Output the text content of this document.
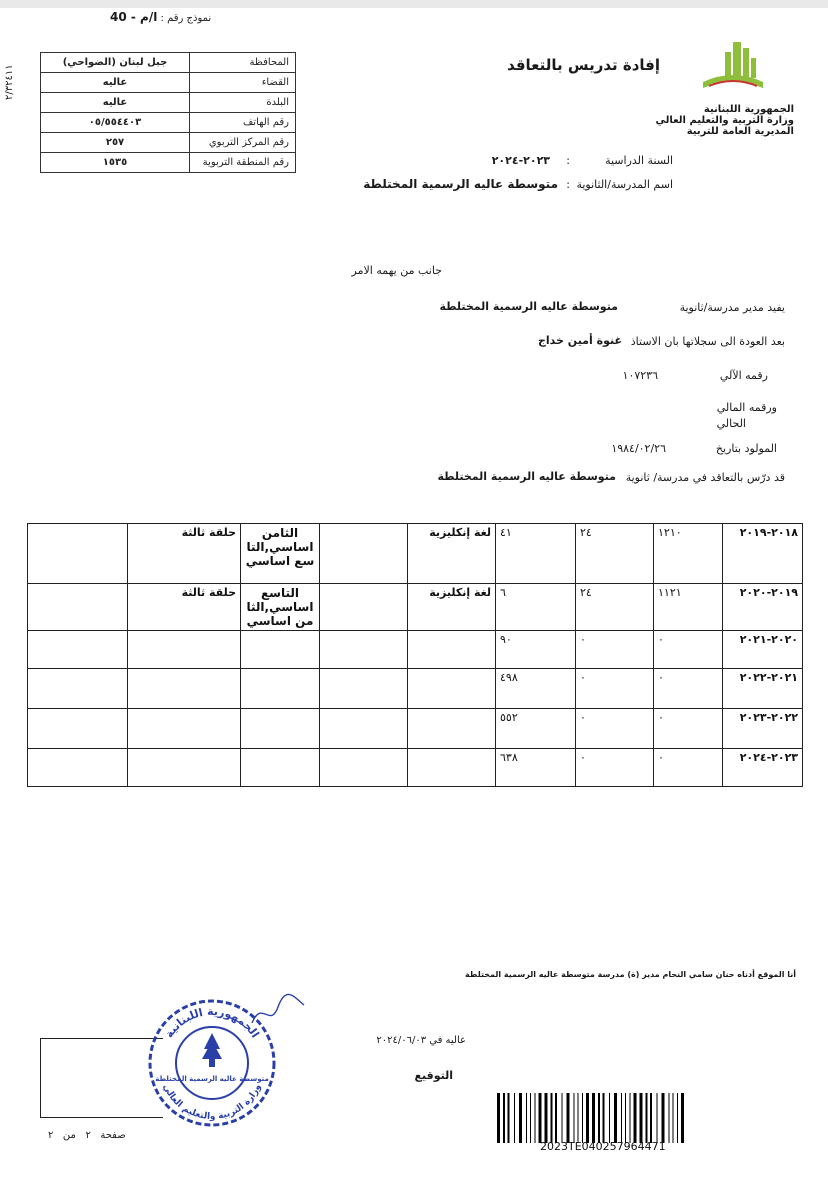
نموذج رقم : ا/م - 40
٢/٣٢٤١١
المحافظة	جبل لبنان (الضواحي)
القضاء	عاليه
البلدة	عاليه
رقم الهاتف	٠٥/٥٥٤٤٠٣
رقم المركز التربوي	٢٥٧
رقم المنطقة التربوية	١٥٣٥
الجمهورية اللبنانية
وزارة التربية والتعليم العالي
المديرية العامة للتربية
إفادة تدريس بالتعاقد
السنة الدراسية
:
٢٠٢٣-٢٠٢٤
اسم المدرسة/الثانوية
:
متوسطة عاليه الرسمية المختلطة
جانب من يهمه الامر
يفيد مدير مدرسة/ثانوية
متوسطة عاليه الرسمية المختلطة
بعد العودة الى سجلاتها بان الاستاذ
غنوة أمين خداج
رقمه الآلي
١٠٧٢٣٦
ورقمه المالي
الحالي
المولود بتاريخ
١٩٨٤/٠٢/٢٦
قد درّس بالتعاقد في مدرسة/ ثانوية
متوسطة عاليه الرسمية المختلطة
٢٠١٨-٢٠١٩	١٢١٠	٢٤	٤١	لغة إنكليزية		الثامن اساسي,التا سع اساسي	حلقة ثالثة	
٢٠١٩-٢٠٢٠	١١٢١	٢٤	٦	لغة إنكليزية		التاسع اساسي,الثا من اساسي	حلقة ثالثة	
٢٠٢٠-٢٠٢١	٠	٠	٩٠					
٢٠٢١-٢٠٢٢	٠	٠	٤٩٨					
٢٠٢٢-٢٠٢٣	٠	٠	٥٥٢					
٢٠٢٣-٢٠٢٤	٠	٠	٦٣٨					
أنا الموقع أدناه حنان سامي النحام مدير (ة) مدرسة متوسطة عاليه الرسمية المختلطة
عاليه في ٢٠٢٤/٠٦/٠٣
التوقيع
الجمهورية اللبنانية
وزارة التربية والتعليم العالي
متوسطة عاليه الرسمية المختلطة
صفحة   ٢   من   ٢
2023TE040257964471
